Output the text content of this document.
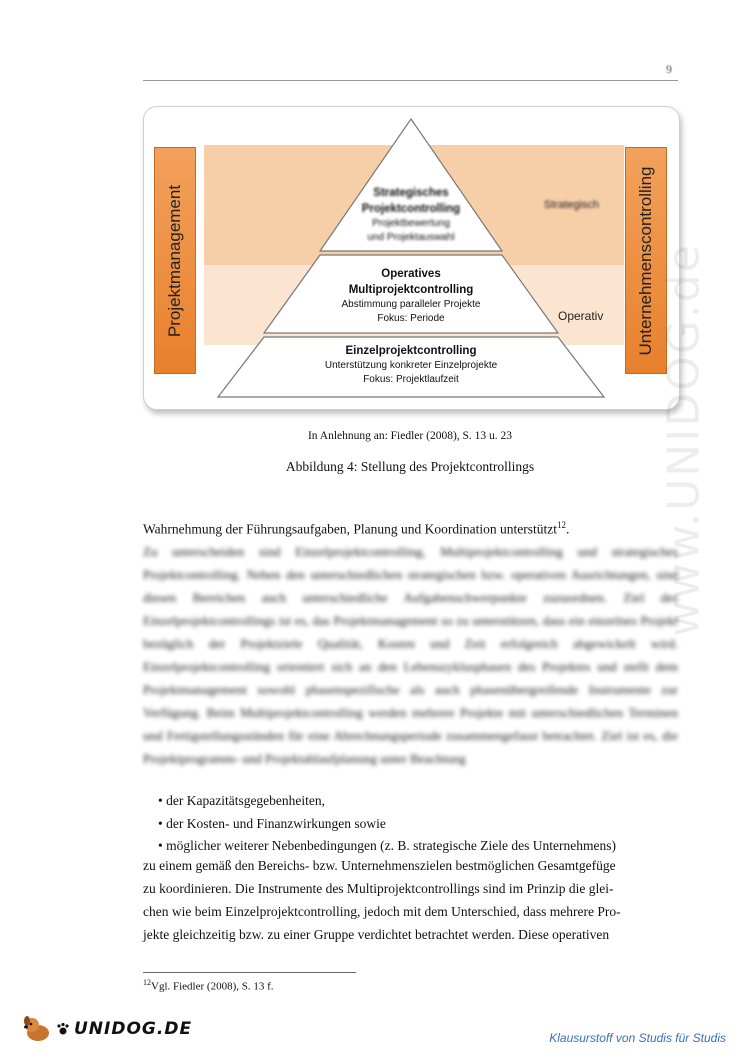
9
Projektmanagement	Unternehmenscontrolling
Strategisches
Projektcontrolling
Projektbewertung
und Projektauswahl
Operatives
Multiprojektcontrolling
Abstimmung paralleler Projekte
Fokus: Periode
Einzelprojektcontrolling
Unterstützung konkreter Einzelprojekte
Fokus: Projektlaufzeit
Strategisch
Operativ
In Anlehnung an: Fiedler (2008), S. 13 u. 23
Abbildung 4: Stellung des Projektcontrollings
Wahrnehmung der Führungsaufgaben, Planung und Koordination unterstützt$^{12}$.
Zu unterscheiden sind Einzelprojektcontrolling, Multiprojektcontrolling und strategisches Projektcontrolling. Neben den unterschiedlichen strategischen bzw. operativen Ausrichtungen, sind diesen Bereichen auch unterschiedliche Aufgabenschwerpunkte zuzuordnen. Ziel des Einzelprojektcontrollings ist es, das Projektmanagement so zu unterstützen, dass ein einzelnes Projekt bezüglich der Projektziele Qualität, Kosten und Zeit erfolgreich abgewickelt wird. Einzelprojektcontrolling orientiert sich an den Lebenszyklusphasen des Projektes und stellt dem Projektmanagement sowohl phasenspezifische als auch phasenübergreifende Instrumente zur Verfügung. Beim Multiprojektcontrolling werden mehrere Projekte mit unterschiedlichen Terminen und Fertigstellungsständen für eine Abrechnungsperiode zusammengefasst betrachtet. Ziel ist es, die Projektprogramm- und Projektablaufplanung unter Beachtung
• der Kapazitätsgegebenheiten,
• der Kosten- und Finanzwirkungen sowie
• möglicher weiterer Nebenbedingungen (z. B. strategische Ziele des Unternehmens)
zu einem gemäß den Bereichs- bzw. Unternehmenszielen bestmöglichen Gesamtgefüge
zu koordinieren. Die Instrumente des Multiprojektcontrollings sind im Prinzip die glei-
chen wie beim Einzelprojektcontrolling, jedoch mit dem Unterschied, dass mehrere Pro-
jekte gleichzeitig bzw. zu einer Gruppe verdichtet betrachtet werden. Diese operativen
$^{12}$Vgl. Fiedler (2008), S. 13 f.
www.UNIDOG.de
UNIDOG.DE	Klausurstoff von Studis für Studis
